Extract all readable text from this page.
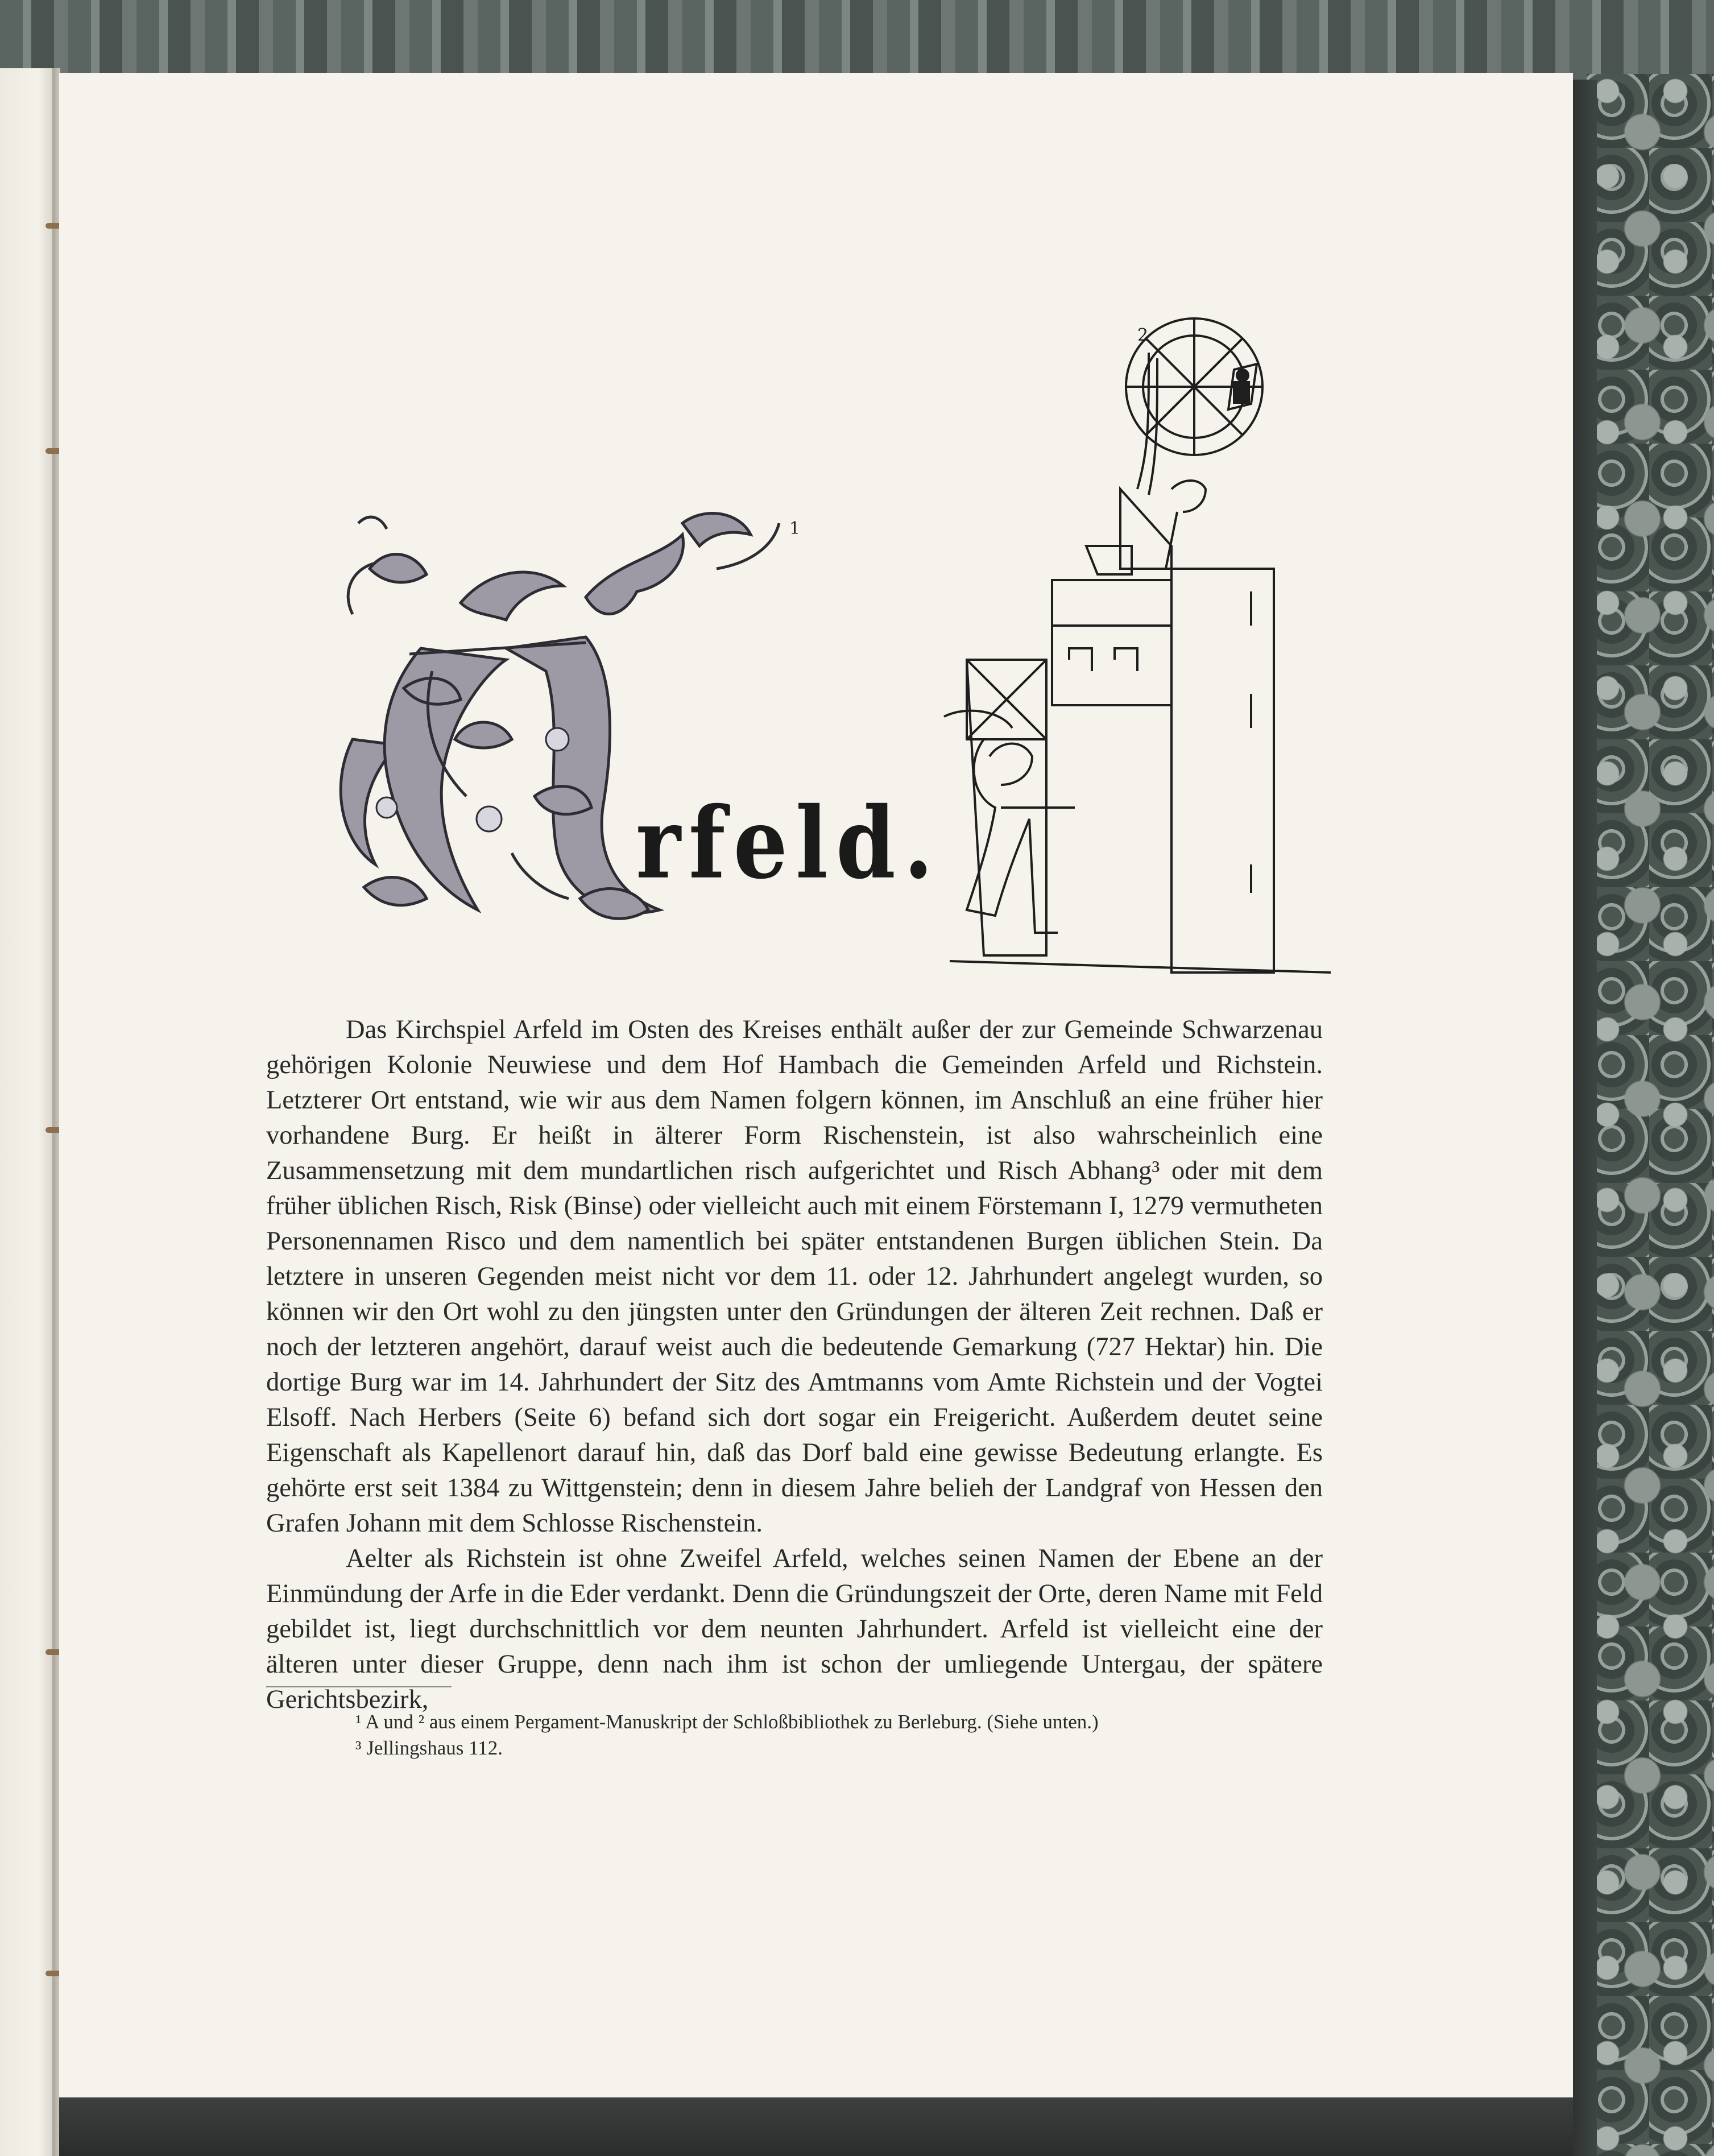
1
rfeld.
2

Das Kirchspiel Arfeld im Osten des Kreises enthält außer der zur Gemeinde Schwarzenau gehörigen Kolonie Neuwiese und dem Hof Hambach die Gemeinden Arfeld und Richstein. Letzterer Ort entstand, wie wir aus dem Namen folgern können, im Anschluß an eine früher hier vorhandene Burg. Er heißt in älterer Form Rischenstein, ist also wahrscheinlich eine Zusammensetzung mit dem mundartlichen risch aufgerichtet und Risch Abhang³ oder mit dem früher üblichen Risch, Risk (Binse) oder vielleicht auch mit einem Förstemann I, 1279 vermutheten Personennamen Risco und dem namentlich bei später entstandenen Burgen üblichen Stein. Da letztere in unseren Gegenden meist nicht vor dem 11. oder 12. Jahrhundert angelegt wurden, so können wir den Ort wohl zu den jüngsten unter den Gründungen der älteren Zeit rechnen. Daß er noch der letzteren angehört, darauf weist auch die bedeutende Gemarkung (727 Hektar) hin. Die dortige Burg war im 14. Jahrhundert der Sitz des Amtmanns vom Amte Richstein und der Vogtei Elsoff. Nach Herbers (Seite 6) befand sich dort sogar ein Freigericht. Außerdem deutet seine Eigenschaft als Kapellenort darauf hin, daß das Dorf bald eine gewisse Bedeutung erlangte. Es gehörte erst seit 1384 zu Wittgenstein; denn in diesem Jahre belieh der Landgraf von Hessen den Grafen Johann mit dem Schlosse Rischenstein.

Aelter als Richstein ist ohne Zweifel Arfeld, welches seinen Namen der Ebene an der Einmündung der Arfe in die Eder verdankt. Denn die Gründungszeit der Orte, deren Name mit Feld gebildet ist, liegt durchschnittlich vor dem neunten Jahrhundert. Arfeld ist vielleicht eine der älteren unter dieser Gruppe, denn nach ihm ist schon der umliegende Untergau, der spätere Gerichtsbezirk,

¹ A und ² aus einem Pergament-Manuskript der Schloßbibliothek zu Berleburg. (Siehe unten.)
³ Jellingshaus 112.
